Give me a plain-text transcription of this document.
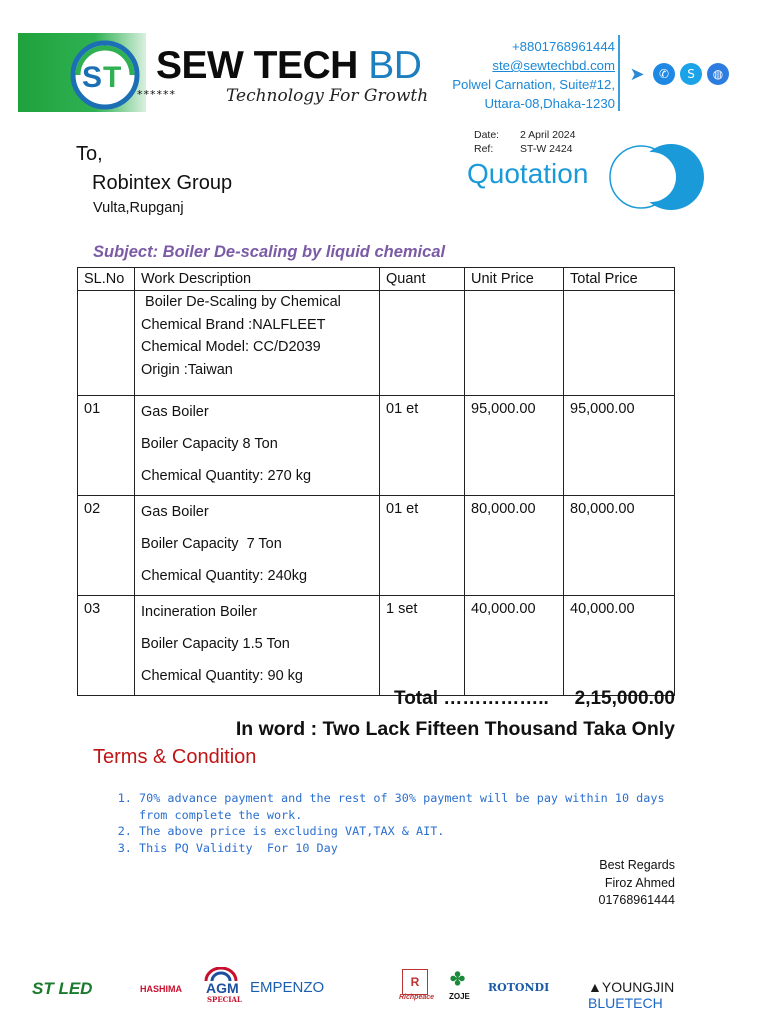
S T
******
SEW TECH BD
Technology For Growth
+8801768961444
ste@sewtechbd.com
Polwel Carnation, Suite#12,
Uttara-08,Dhaka-1230
➤	✆	S	◍
To,
Robintex Group
Vulta,Rupganj
Date: 2 April 2024
Ref:	ST-W 2424
Quotation
Subject: Boiler De-scaling by liquid chemical
SL.No	Work Description	Quant	Unit Price	Total Price

	Boiler De-Scaling by Chemical
Chemical Brand :NALFLEET
Chemical Model: CC/D2039
Origin :Taiwan			

01	Gas Boiler
Boiler Capacity 8 Ton
Chemical Quantity: 270 kg	01 et	95,000.00	95,000.00
02	Gas Boiler
Boiler Capacity  7 Ton
Chemical Quantity: 240kg	01 et	80,000.00	80,000.00
03	Incineration Boiler
Boiler Capacity 1.5 Ton
Chemical Quantity: 90 kg	1 set	40,000.00	40,000.00
Total …………….. 2,15,000.00
In word : Two Lack Fifteen Thousand Taka Only
Terms & Condition
1. 70% advance payment and the rest of 30% payment will be pay within 10 days from complete the work.
2. The above price is excluding VAT,TAX & AIT.
3. This PQ Validity  For 10 Day
Best Regards
Firoz Ahmed
01768961444
ST LED	HASHIMA AGM
SPECIAL
EMPENZO	R
Richpeace
✤
ZOJE
ROTONDI	▲YOUNGJIN BLUETECH
